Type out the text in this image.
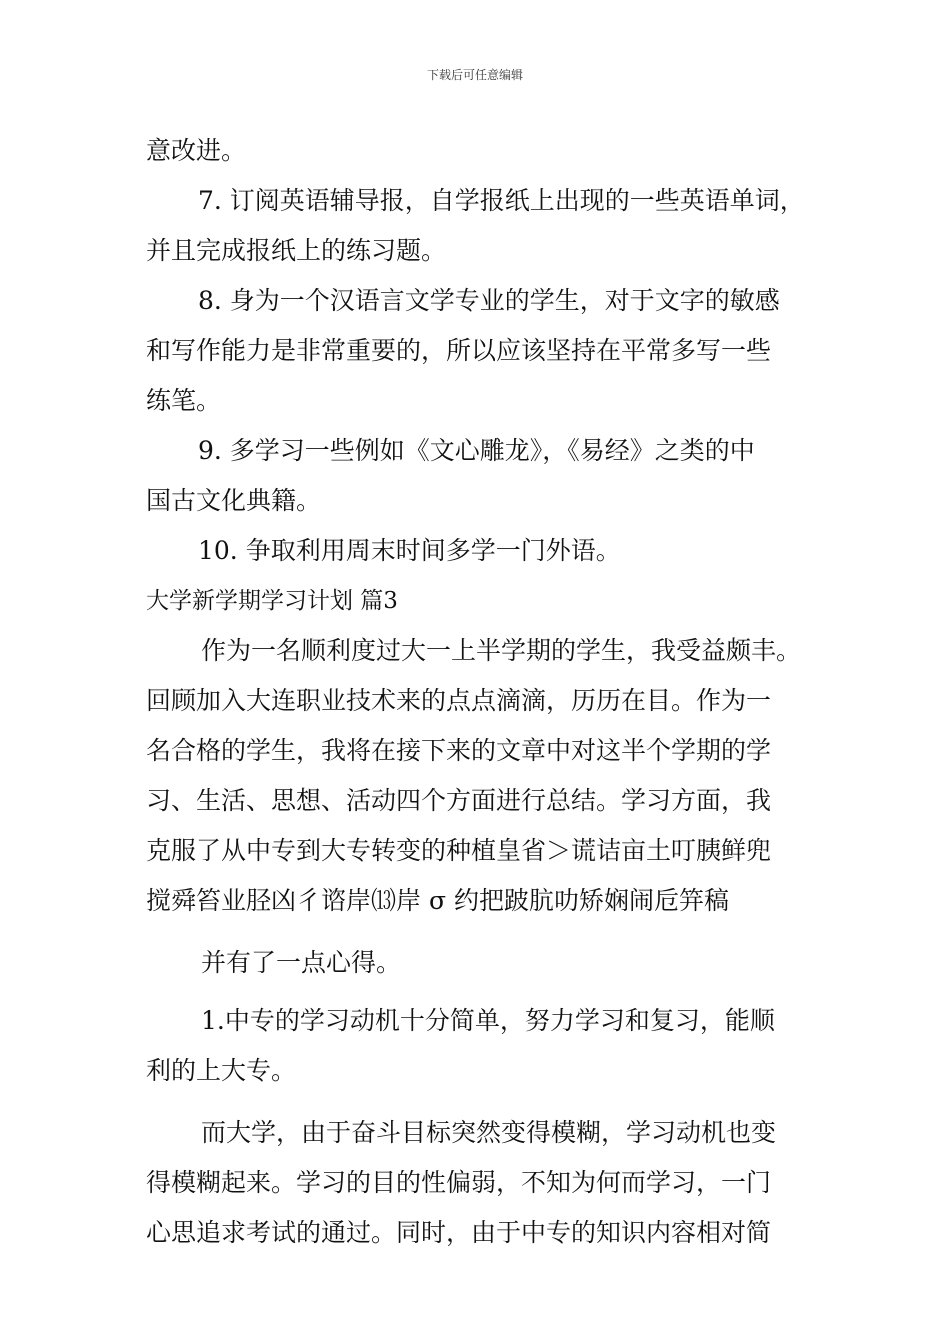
下载后可任意编辑
意改进。
7. 订阅英语辅导报，自学报纸上出现的一些英语单词，
并且完成报纸上的练习题。
8. 身为一个汉语言文学专业的学生，对于文字的敏感
和写作能力是非常重要的，所以应该坚持在平常多写一些
练笔。
9. 多学习一些例如《文心雕龙》，《易经》之类的中
国古文化典籍。
10. 争取利用周末时间多学一门外语。
大学新学期学习计划 篇3
作为一名顺利度过大一上半学期的学生，我受益颇丰。
回顾加入大连职业技术来的点点滴滴，历历在目。作为一
名合格的学生，我将在接下来的文章中对这半个学期的学
习、生活、思想、活动四个方面进行总结。学习方面，我
克服了从中专到大专转变的种植皇省＞谎诘亩土叮胰鲜兜
搅舜笞业胫凶彳谘岸⒀岸 σ 约把跛肮叻矫娴闹卮笄稿
并有了一点心得。
1.中专的学习动机十分简单，努力学习和复习，能顺
利的上大专。
而大学，由于奋斗目标突然变得模糊，学习动机也变
得模糊起来。学习的目的性偏弱，不知为何而学习，一门
心思追求考试的通过。同时，由于中专的知识内容相对简
